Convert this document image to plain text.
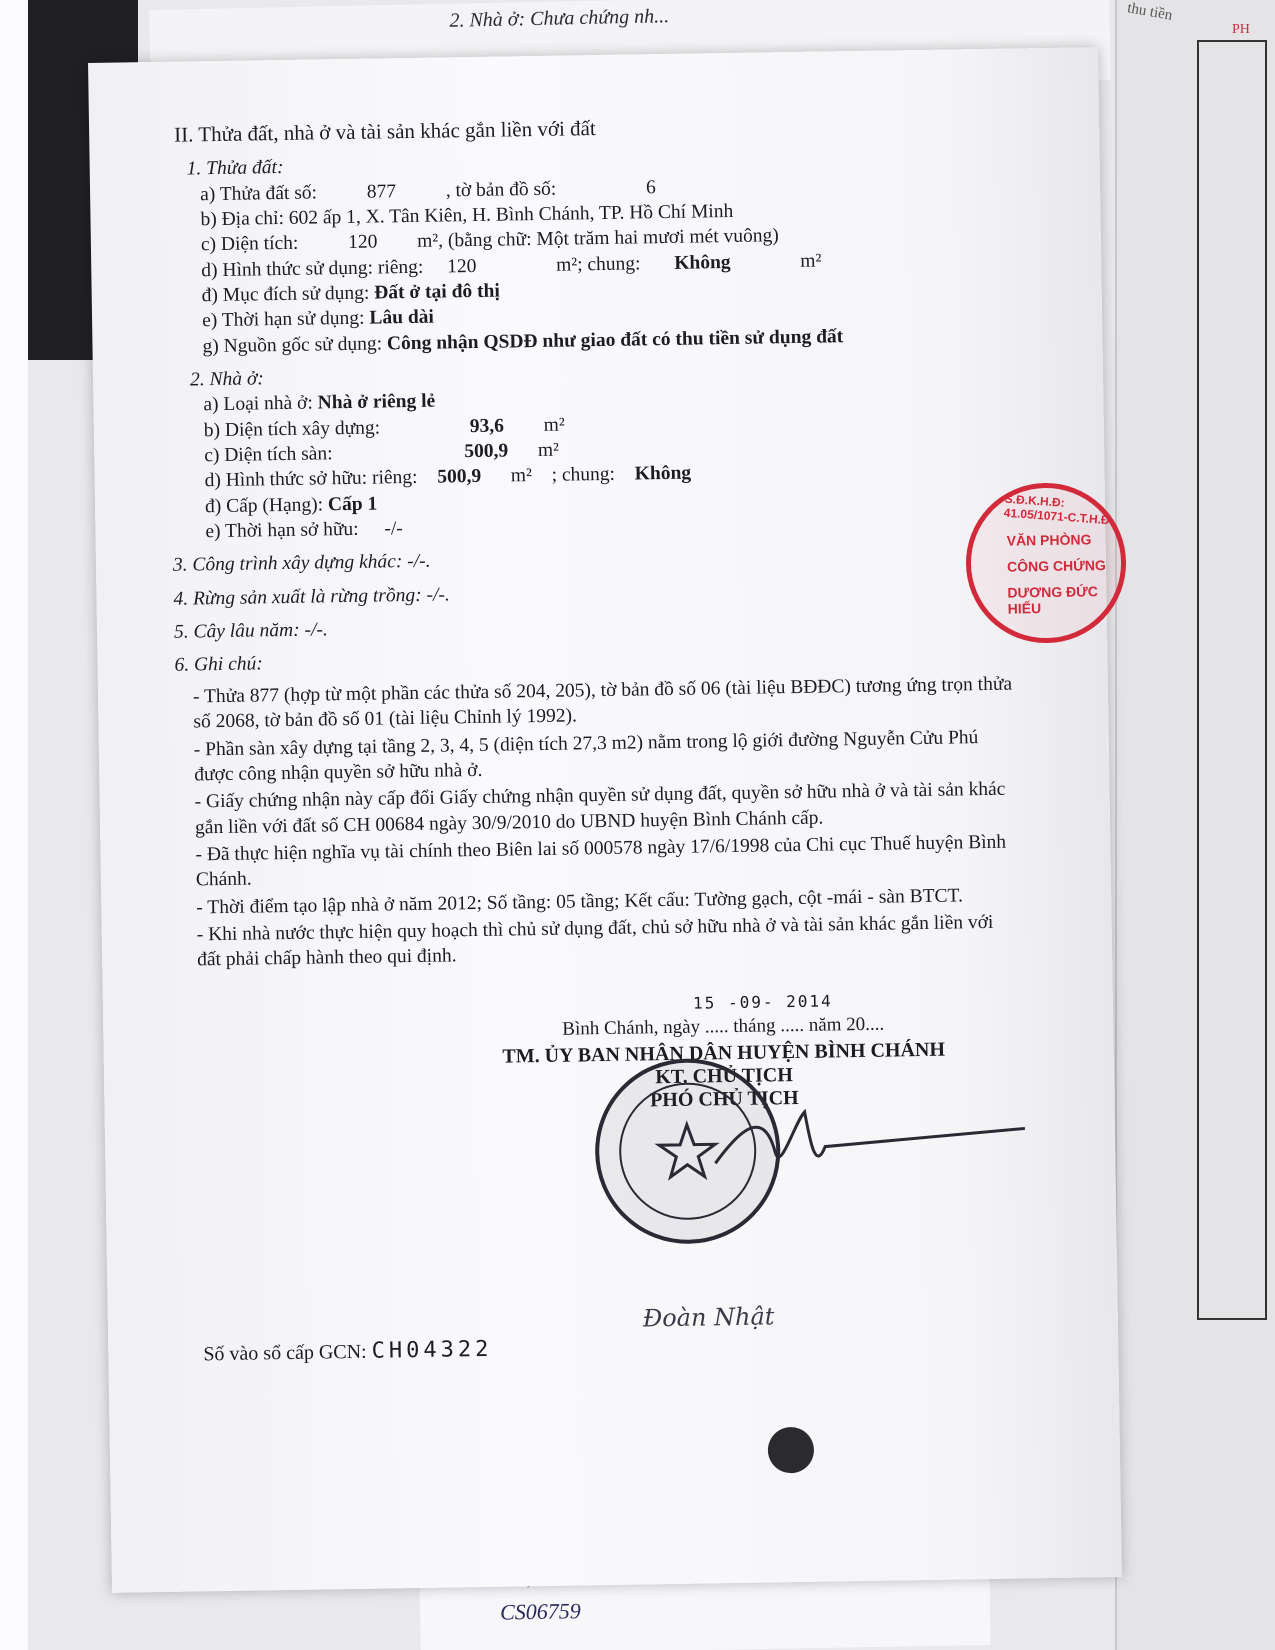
2. Nhà ở: Chưa chứng nh...	thu tiền
PH
CS06759
II. Thửa đất, nhà ở và tài sản khác gắn liền với đất
1. Thửa đất:
a) Thửa đất số:	877	, tờ bản đồ số:	6
b) Địa chỉ: 602 ấp 1, X. Tân Kiên, H. Bình Chánh, TP. Hồ Chí Minh
c) Diện tích:	120 m², (bằng chữ: Một trăm hai mươi mét vuông)
d) Hình thức sử dụng: riêng: 120	m²; chung: Không	m²
đ) Mục đích sử dụng: Đất ở tại đô thị
e) Thời hạn sử dụng: Lâu dài
g) Nguồn gốc sử dụng: Công nhận QSDĐ như giao đất có thu tiền sử dụng đất
2. Nhà ở:
a) Loại nhà ở: Nhà ở riêng lẻ
b) Diện tích xây dựng:	93,6 m²
c) Diện tích sàn:	500,9 m²
d) Hình thức sở hữu: riêng: 500,9 m² ; chung: Không
đ) Cấp (Hạng): Cấp 1
e) Thời hạn sở hữu: -/-
3. Công trình xây dựng khác: -/-.
4. Rừng sản xuất là rừng trồng: -/-.
5. Cây lâu năm: -/-.
6. Ghi chú:
- Thửa 877 (hợp từ một phần các thửa số 204, 205), tờ bản đồ số 06 (tài liệu BĐĐC) tương ứng trọn thửa số 2068, tờ bản đồ số 01 (tài liệu Chỉnh lý 1992).
- Phần sàn xây dựng tại tầng 2, 3, 4, 5 (diện tích 27,3 m2) nằm trong lộ giới đường Nguyễn Cửu Phú được công nhận quyền sở hữu nhà ở.
- Giấy chứng nhận này cấp đổi Giấy chứng nhận quyền sử dụng đất, quyền sở hữu nhà ở và tài sản khác gắn liền với đất số CH 00684 ngày 30/9/2010 do UBND huyện Bình Chánh cấp.
- Đã thực hiện nghĩa vụ tài chính theo Biên lai số 000578 ngày 17/6/1998 của Chi cục Thuế huyện Bình Chánh.
- Thời điểm tạo lập nhà ở năm 2012; Số tầng: 05 tầng; Kết cấu: Tường gạch, cột -mái - sàn BTCT.
- Khi nhà nước thực hiện quy hoạch thì chủ sử dụng đất, chủ sở hữu nhà ở và tài sản khác gắn liền với đất phải chấp hành theo qui định.
15 -09- 2014
Bình Chánh, ngày ..... tháng ..... năm 20....
TM. ỦY BAN NHÂN DÂN HUYỆN BÌNH CHÁNH
KT. CHỦ TỊCH
PHÓ CHỦ TỊCH
Đoàn Nhật
Số vào sổ cấp GCN: CH04322
S.Đ.K.H.Đ: 41.05/1071-C.T.H.Đ
VĂN PHÒNG
CÔNG CHỨNG
DƯƠNG ĐỨC HIẾU
